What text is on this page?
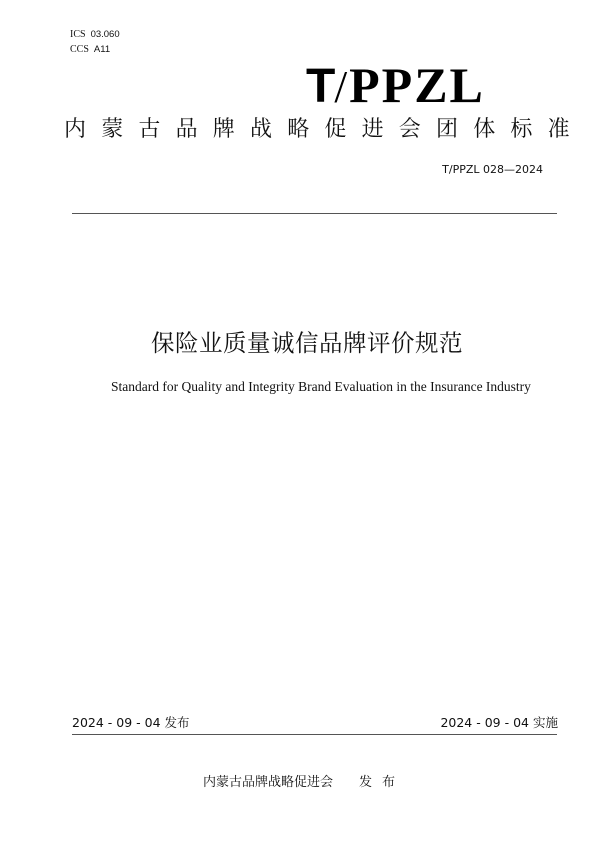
ICS 03.060
CCS A11
T/PPZL
内蒙古品牌战略促进会团体标准
T/PPZL 028—2024
保险业质量诚信品牌评价规范
Standard for Quality and Integrity Brand Evaluation in the Insurance Industry
2024 - 09 - 04 发布	2024 - 09 - 04 实施
内蒙古品牌战略促进会 发布
